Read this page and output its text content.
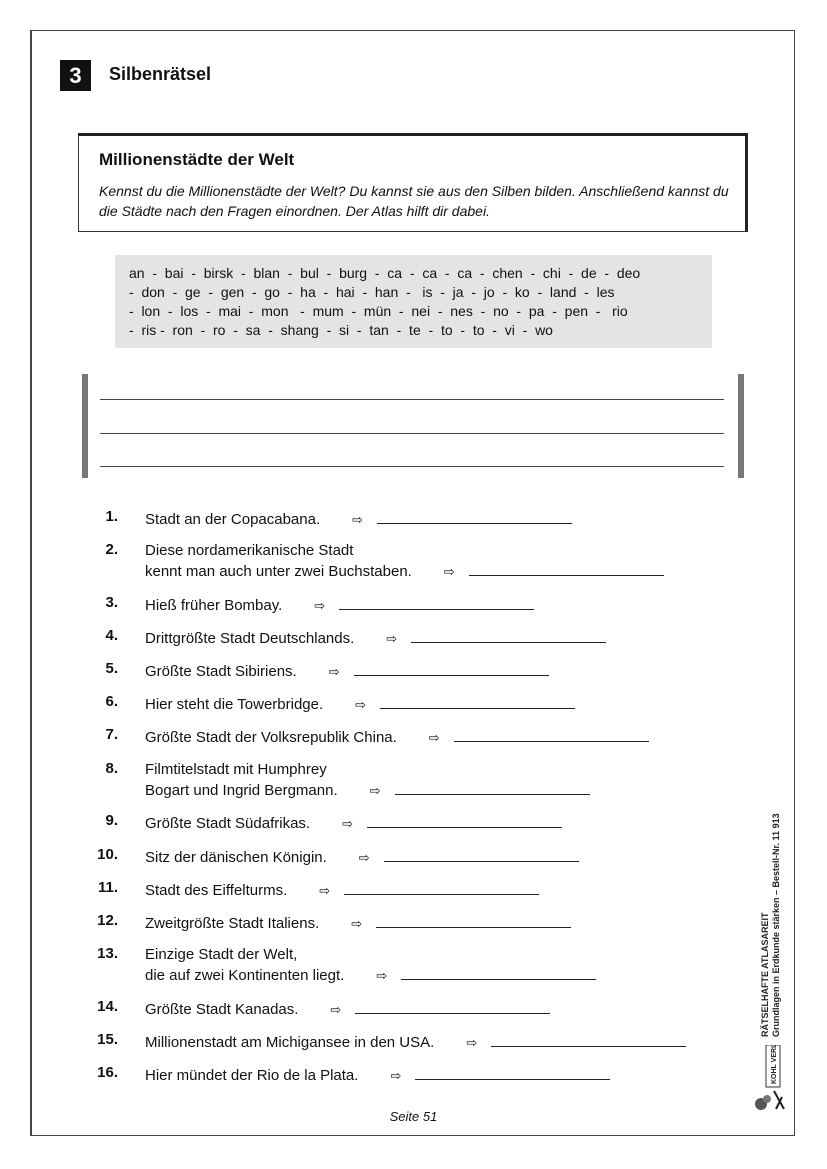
3	Silbenrätsel
Millionenstädte der Welt
Kennst du die Millionenstädte der Welt? Du kannst sie aus den Silben bilden. Anschließend kannst du die Städte nach den Fragen einordnen. Der Atlas hilft dir dabei.
an  -  bai  -  birsk  -  blan  -  bul  -  burg  -  ca  -  ca  -  ca  -  chen  -  chi  -  de  -  deo
-  don  -  ge  -  gen  -  go  -  ha  -  hai  -  han  -   is  -  ja  -  jo  -  ko  -  land  -  les
-  lon  -  los  -  mai  -  mon   -  mum  -  mün  -  nei  -  nes  -  no  -  pa  -  pen  -   rio
-  ris -  ron  -  ro  -  sa  -  shang  -  si  -  tan  -  te  -  to  -  to  -  vi  -  wo
1. Stadt an der Copacabana. ⇨
2. Diese nordamerikanische Stadt
kennt man auch unter zwei Buchstaben. ⇨
3. Hieß früher Bombay. ⇨
4. Drittgrößte Stadt Deutschlands. ⇨
5. Größte Stadt Sibiriens. ⇨
6. Hier steht die Towerbridge. ⇨
7. Größte Stadt der Volksrepublik China. ⇨
8. Filmtitelstadt mit Humphrey
Bogart und Ingrid Bergmann. ⇨
9. Größte Stadt Südafrikas. ⇨
10. Sitz der dänischen Königin. ⇨
11. Stadt des Eiffelturms. ⇨
12. Zweitgrößte Stadt Italiens. ⇨
13. Einzige Stadt der Welt,
die auf zwei Kontinenten liegt. ⇨
14. Größte Stadt Kanadas. ⇨
15. Millionenstadt am Michigansee in den USA. ⇨
16. Hier mündet der Rio de la Plata. ⇨
Seite 51
RÄTSELHAFTE ATLASAREIT Grundlagen in Erdkunde stärken – Bestell-Nr. 11 913
KOHL VERLAG
